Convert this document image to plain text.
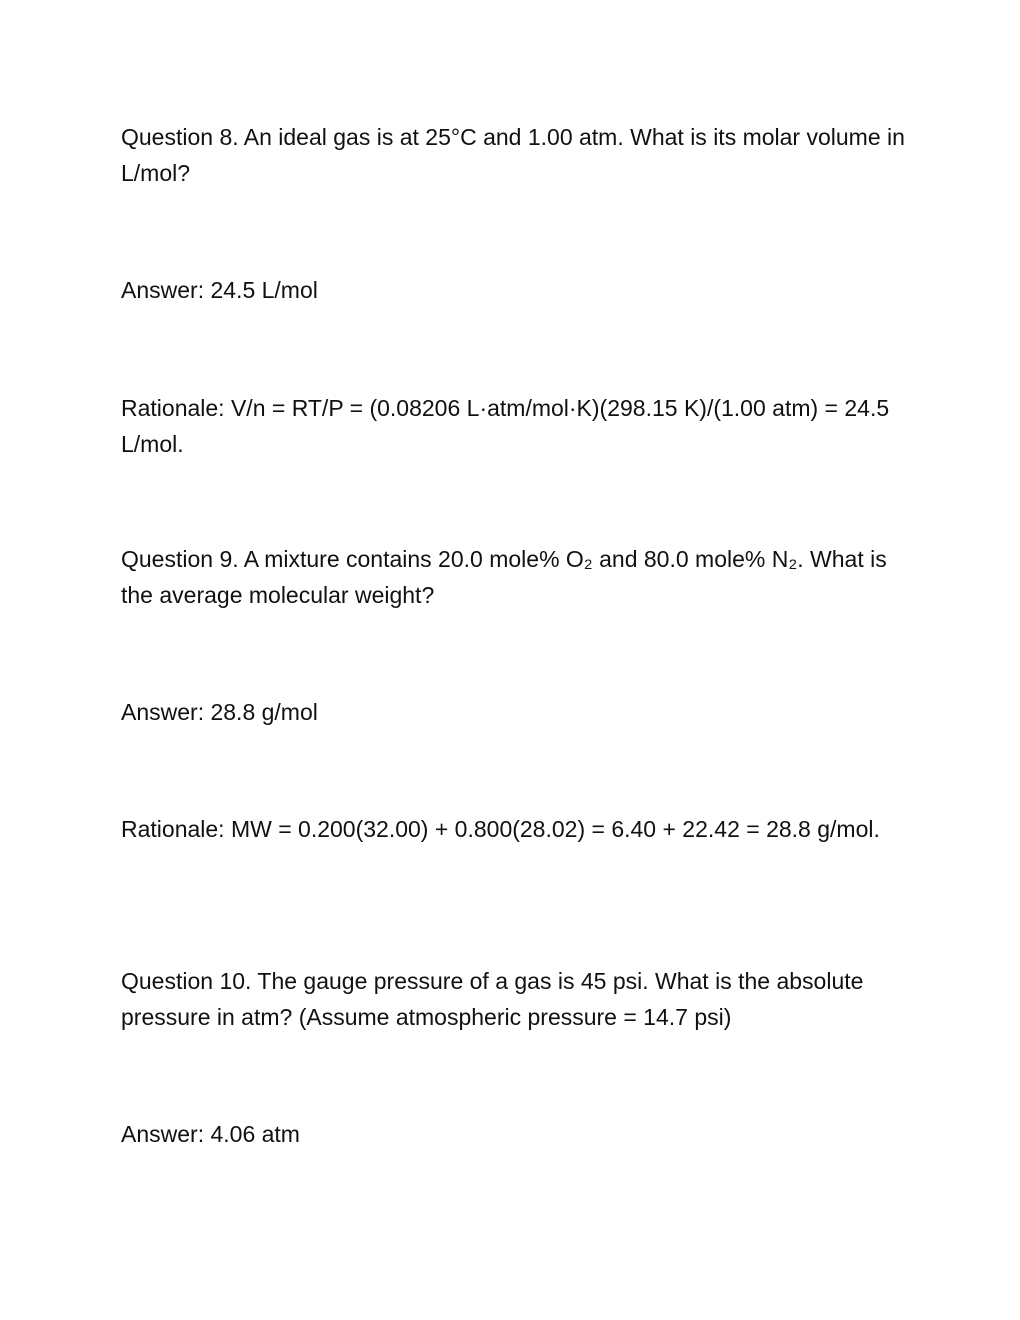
Question 8. An ideal gas is at 25°C and 1.00 atm. What is its molar volume in L/mol?

Answer: 24.5 L/mol

Rationale: V/n = RT/P = (0.08206 L·atm/mol·K)(298.15 K)/(1.00 atm) = 24.5 L/mol.

Question 9. A mixture contains 20.0 mole% O₂ and 80.0 mole% N₂. What is the average molecular weight?

Answer: 28.8 g/mol

Rationale: MW = 0.200(32.00) + 0.800(28.02) = 6.40 + 22.42 = 28.8 g/mol.

Question 10. The gauge pressure of a gas is 45 psi. What is the absolute pressure in atm? (Assume atmospheric pressure = 14.7 psi)

Answer: 4.06 atm
